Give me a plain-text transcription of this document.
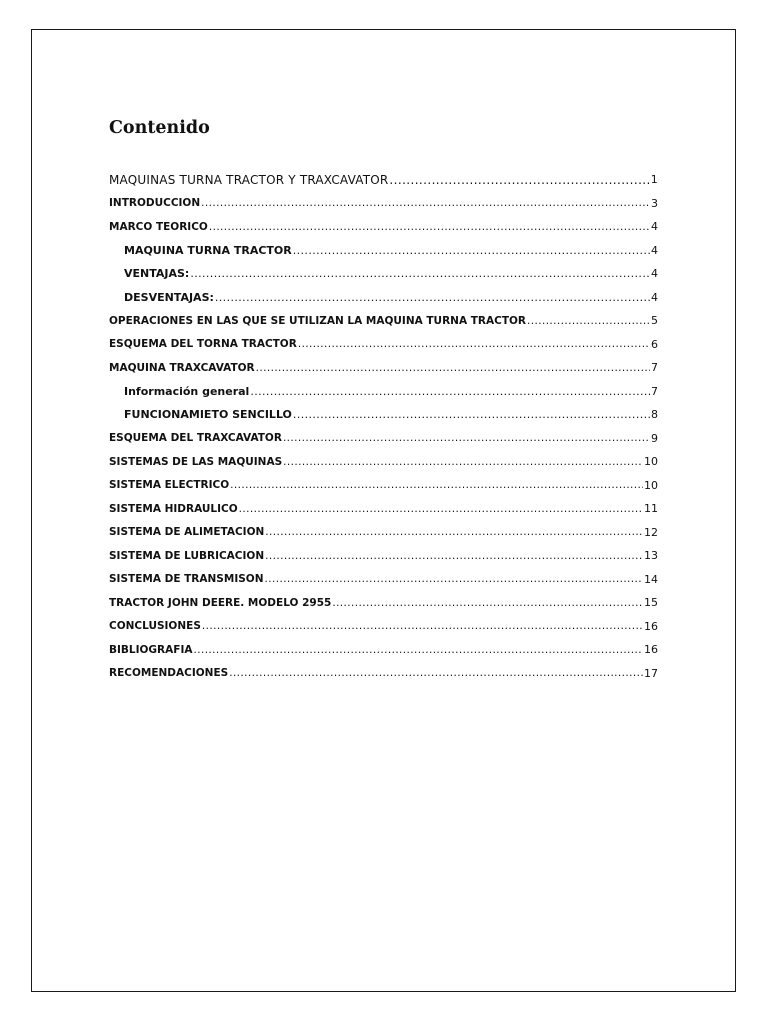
Contenido
MAQUINAS TURNA TRACTOR Y TRAXCAVATOR .....	1
INTRODUCCION .....	3
MARCO TEORICO .....	4
MAQUINA TURNA TRACTOR .....	4
VENTAJAS: .....	4
DESVENTAJAS: .....	4
OPERACIONES EN LAS QUE SE UTILIZAN LA MAQUINA TURNA TRACTOR .....	5
ESQUEMA DEL TORNA TRACTOR .....	6
MAQUINA TRAXCAVATOR .....	7
Información general .....	7
FUNCIONAMIETO SENCILLO .....	8
ESQUEMA DEL TRAXCAVATOR .....	9
SISTEMAS DE LAS MAQUINAS .....	10
SISTEMA ELECTRICO .....	10
SISTEMA HIDRAULICO .....	11
SISTEMA DE ALIMETACION .....	12
SISTEMA DE LUBRICACION .....	13
SISTEMA DE TRANSMISON .....	14
TRACTOR JOHN DEERE. MODELO 2955 .....	15
CONCLUSIONES .....	16
BIBLIOGRAFIA .....	16
RECOMENDACIONES .....	17
